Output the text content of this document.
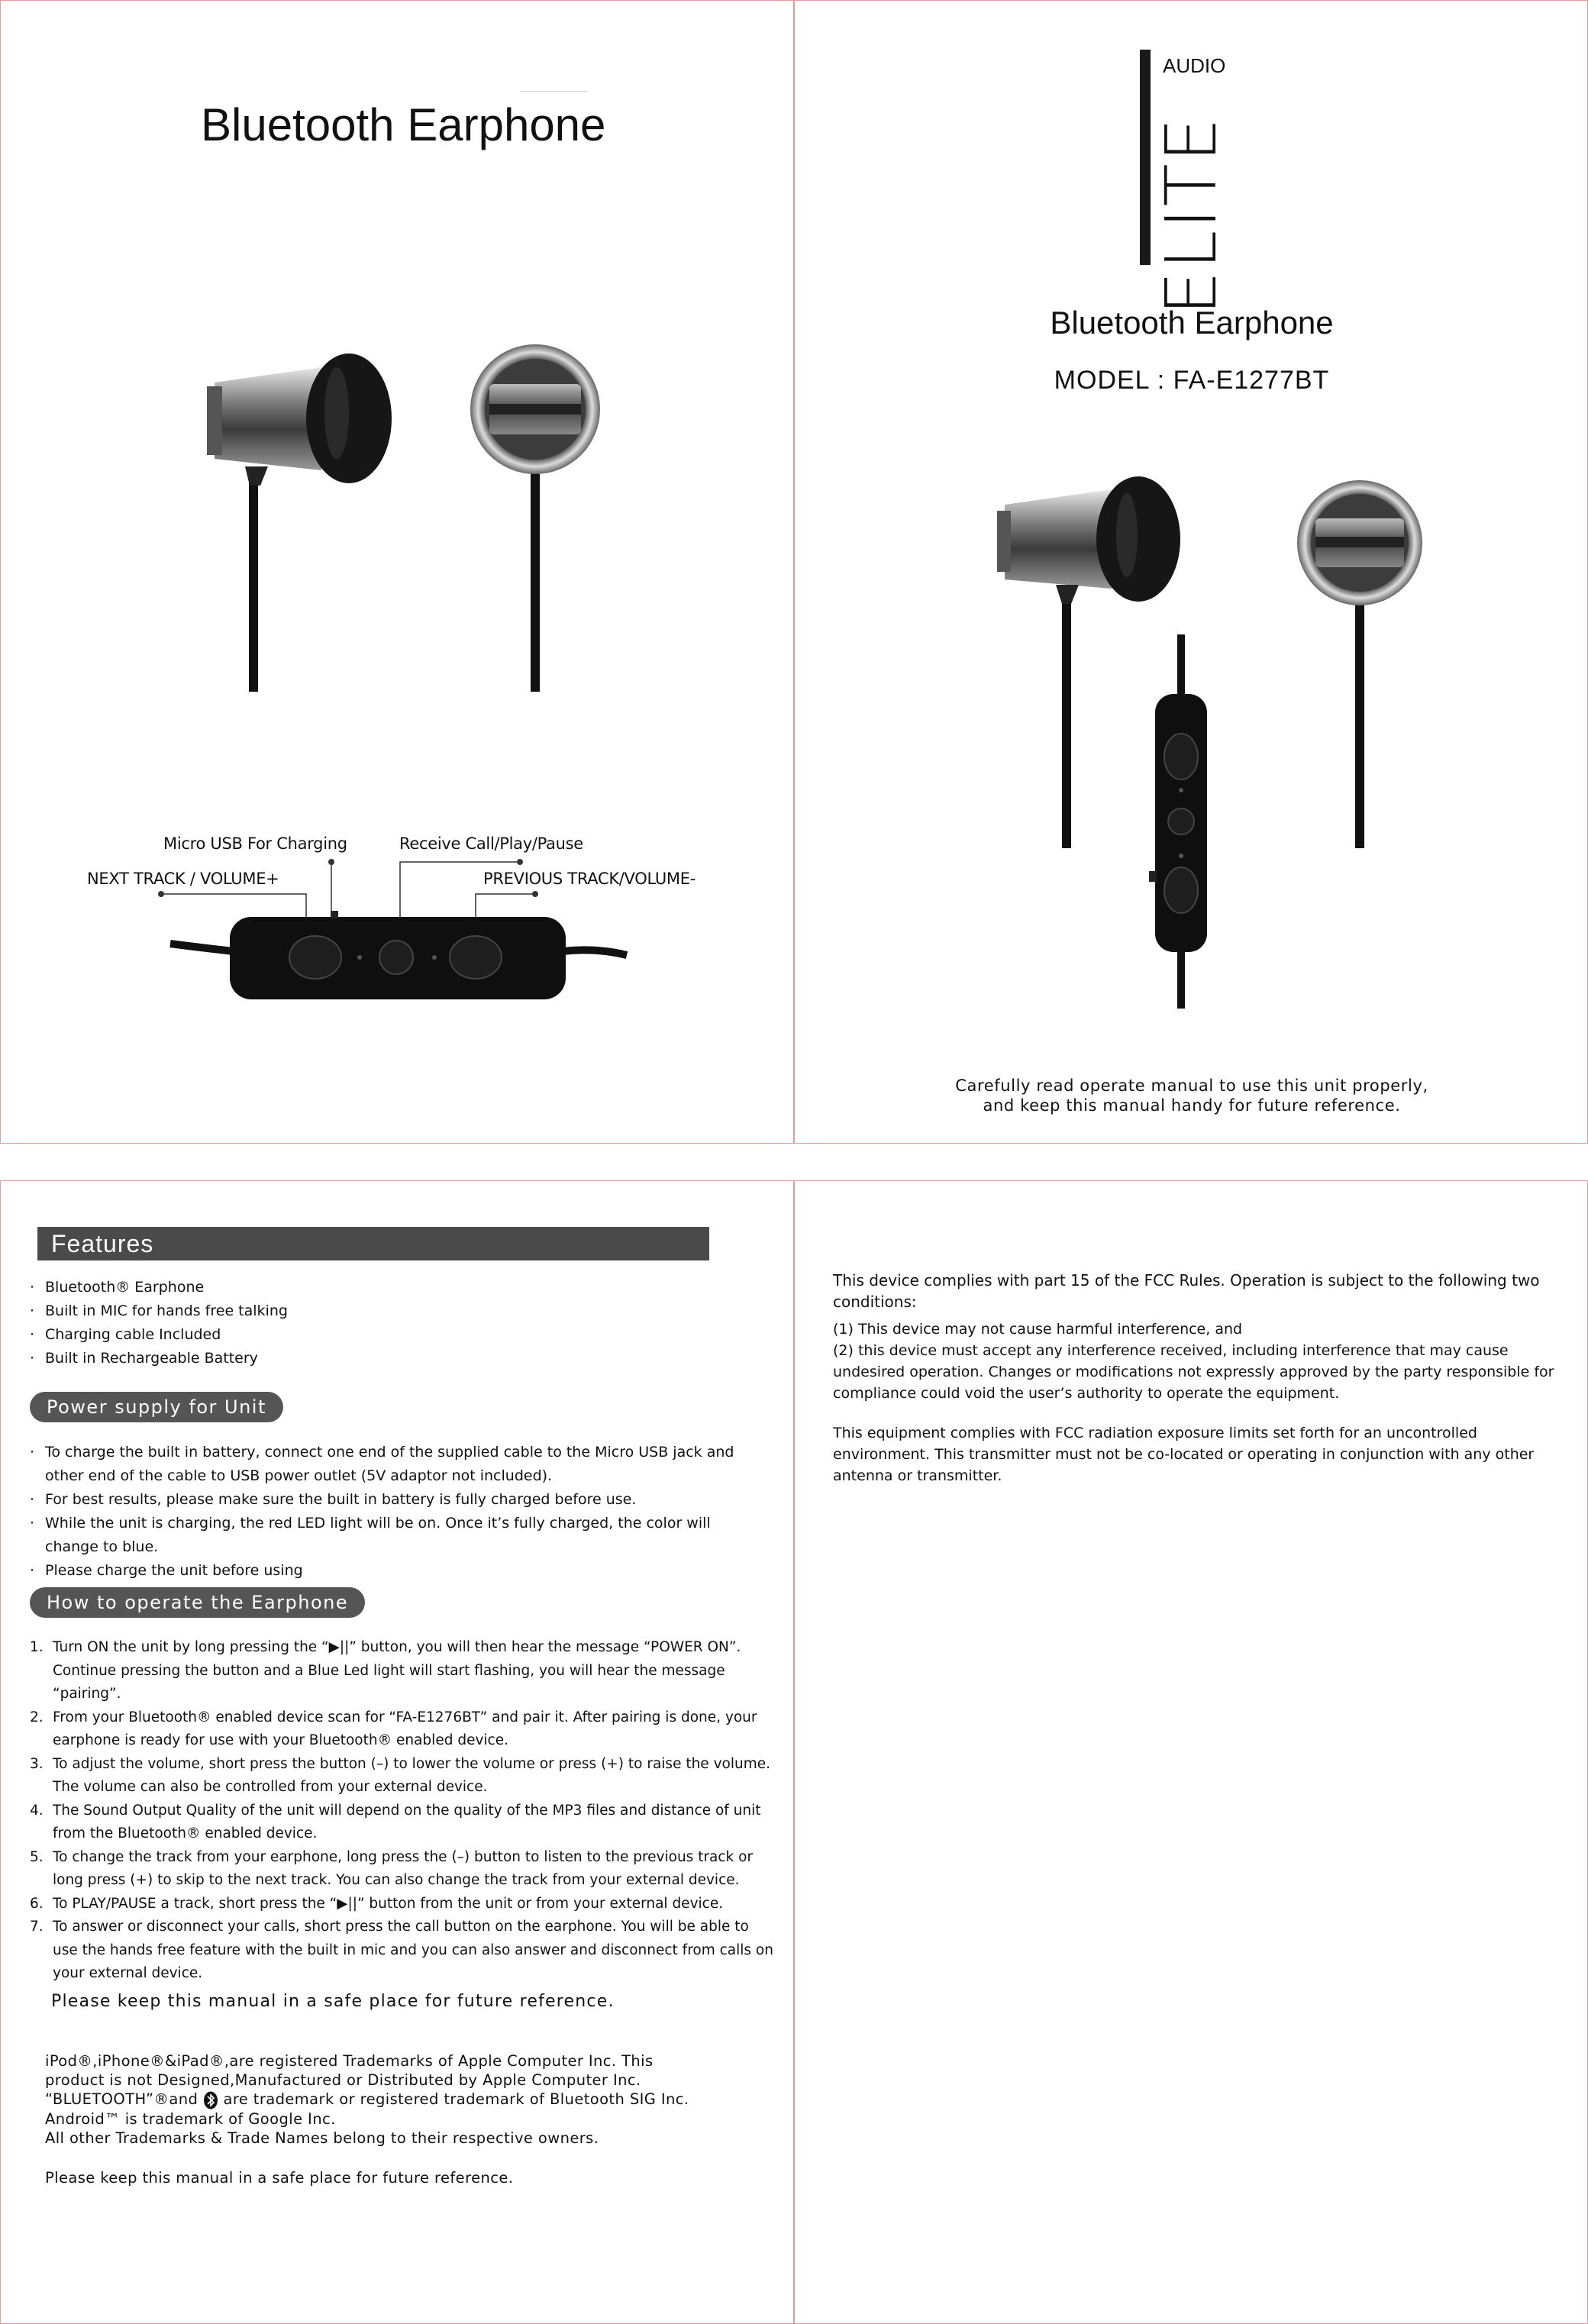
Bluetooth Earphone
Micro USB For Charging	Receive Call/Play/Pause
NEXT TRACK / VOLUME+	PREVIOUS TRACK/VOLUME-
AUDIO
ELITE
Bluetooth Earphone
MODEL : FA-E1277BT
Carefully read operate manual to use this unit properly,
and keep this manual handy for future reference.
Features
· Bluetooth® Earphone
· Built in MIC for hands free talking
· Charging cable Included
· Built in Rechargeable Battery
Power supply for Unit
· To charge the built in battery, connect one end of the supplied cable to the Micro USB jack and other end of the cable to USB power outlet (5V adaptor not included).
· For best results, please make sure the built in battery is fully charged before use.
· While the unit is charging, the red LED light will be on. Once it’s fully charged, the color will change to blue.
· Please charge the unit before using
How to operate the Earphone
1. Turn ON the unit by long pressing the “▶||” button, you will then hear the message “POWER ON”. Continue pressing the button and a Blue Led light will start flashing, you will hear the message “pairing”.
2. From your Bluetooth® enabled device scan for “FA-E1276BT” and pair it. After pairing is done, your earphone is ready for use with your Bluetooth® enabled device.
3. To adjust the volume, short press the button (–) to lower the volume or press (+) to raise the volume. The volume can also be controlled from your external device.
4. The Sound Output Quality of the unit will depend on the quality of the MP3 files and distance of unit from the Bluetooth® enabled device.
5. To change the track from your earphone, long press the (–) button to listen to the previous track or long press (+) to skip to the next track. You can also change the track from your external device.
6. To PLAY/PAUSE a track, short press the “▶||” button from the unit or from your external device.
7. To answer or disconnect your calls, short press the call button on the earphone. You will be able to use the hands free feature with the built in mic and you can also answer and disconnect from calls on your external device.
Please keep this manual in a safe place for future reference.
iPod®,iPhone®&iPad®,are registered Trademarks of Apple Computer Inc. This
product is not Designed,Manufactured or Distributed by Apple Computer Inc.
“BLUETOOTH”®and are trademark or registered trademark of Bluetooth SIG Inc.
Android™ is trademark of Google Inc.
All other Trademarks & Trade Names belong to their respective owners.
Please keep this manual in a safe place for future reference.

This device complies with part 15 of the FCC Rules. Operation is subject to the following two conditions:

(1) This device may not cause harmful interference, and

(2) this device must accept any interference received, including interference that may cause undesired operation. Changes or modifications not expressly approved by the party responsible for compliance could void the user’s authority to operate the equipment.

This equipment complies with FCC radiation exposure limits set forth for an uncontrolled environment. This transmitter must not be co-located or operating in conjunction with any other antenna or transmitter.
